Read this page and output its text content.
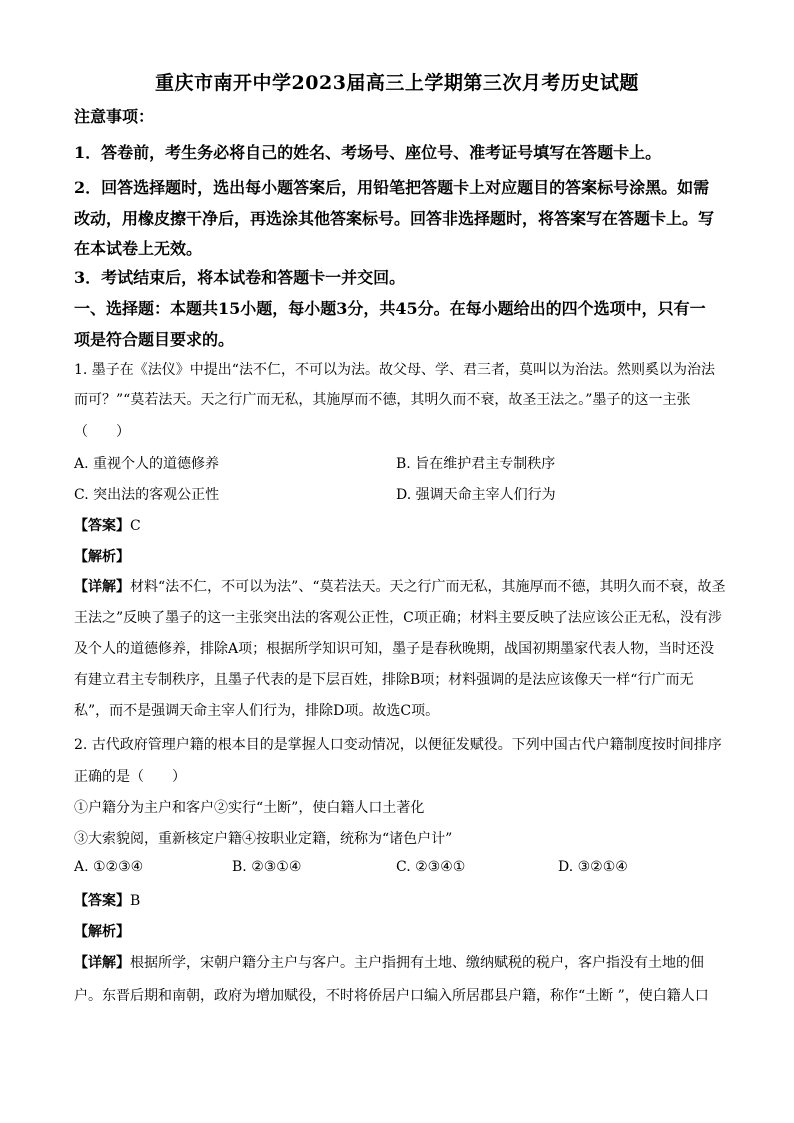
重庆市南开中学2023届高三上学期第三次月考历史试题
注意事项：
1．答卷前，考生务必将自己的姓名、考场号、座位号、准考证号填写在答题卡上。
2．回答选择题时，选出每小题答案后，用铅笔把答题卡上对应题目的答案标号涂黑。如需
改动，用橡皮擦干净后，再选涂其他答案标号。回答非选择题时，将答案写在答题卡上。写
在本试卷上无效。
3．考试结束后，将本试卷和答题卡一并交回。
一、选择题：本题共15小题，每小题3分，共45分。在每小题给出的四个选项中，只有一
项是符合题目要求的。
1. 墨子在《法仪》中提出“法不仁，不可以为法。故父母、学、君三者，莫叫以为治法。然则奚以为治法
而可？”“莫若法天。天之行广而无私，其施厚而不德，其明久而不衰，故圣王法之。”墨子的这一主张
（　　）
A. 重视个人的道德修养	B. 旨在维护君主专制秩序
C. 突出法的客观公正性	D. 强调天命主宰人们行为
【答案】C
【解析】
【详解】材料“法不仁，不可以为法”、“莫若法天。天之行广而无私，其施厚而不德，其明久而不衰，故圣
王法之”反映了墨子的这一主张突出法的客观公正性，C项正确；材料主要反映了法应该公正无私，没有涉
及个人的道德修养，排除A项；根据所学知识可知，墨子是春秋晚期，战国初期墨家代表人物，当时还没
有建立君主专制秩序，且墨子代表的是下层百姓，排除B项；材料强调的是法应该像天一样“行广而无
私”，而不是强调天命主宰人们行为，排除D项。故选C项。
2. 古代政府管理户籍的根本目的是掌握人口变动情况，以便征发赋役。下列中国古代户籍制度按时间排序
正确的是（　　）
①户籍分为主户和客户②实行“土断”，使白籍人口土著化
③大索貌阅，重新核定户籍④按职业定籍，统称为“诸色户计”
A. ①②③④	B. ②③①④	C. ②③④①	D. ③②①④
【答案】B
【解析】
【详解】根据所学，宋朝户籍分主户与客户。主户指拥有土地、缴纳赋税的税户，客户指没有土地的佃
户。东晋后期和南朝，政府为增加赋役，不时将侨居户口编入所居郡县户籍，称作“土断 ”，使白籍人口
